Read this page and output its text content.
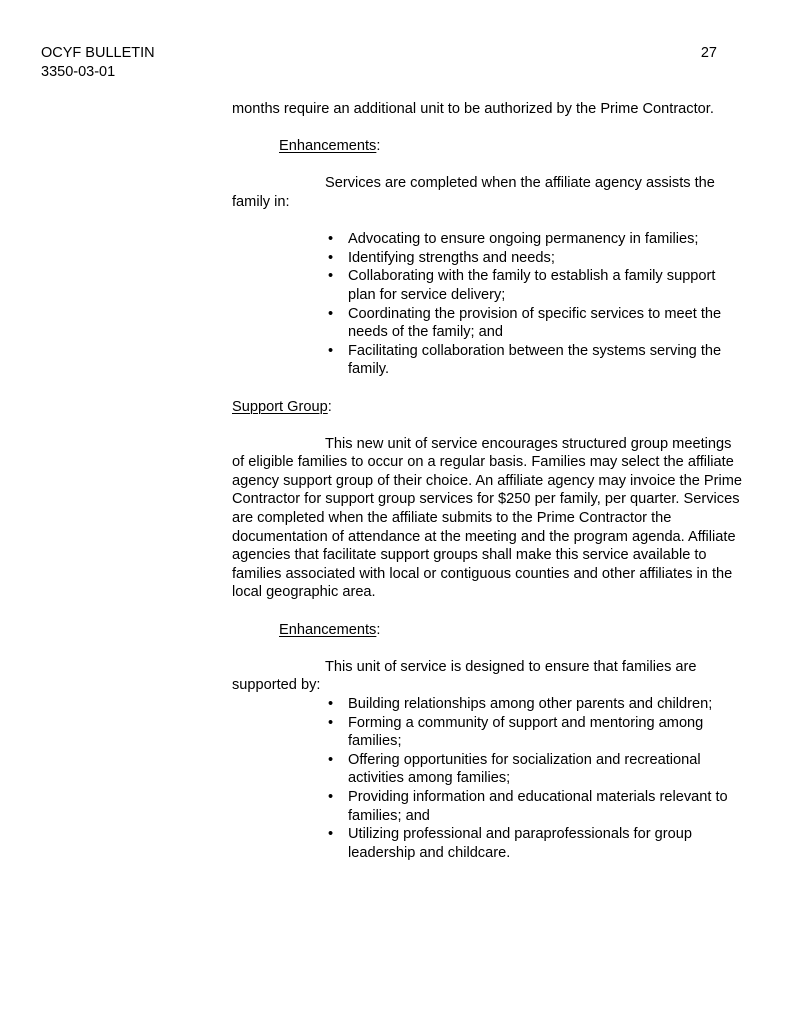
OCYF BULLETIN
3350-03-01
27

months require an additional unit to be authorized by the Prime Contractor.

Enhancements:

Services are completed when the affiliate agency assists the family in:

• Advocating to ensure ongoing permanency in families;
• Identifying strengths and needs;
• Collaborating with the family to establish a family support plan for service delivery;
• Coordinating the provision of specific services to meet the needs of the family; and
• Facilitating collaboration between the systems serving the family.

Support Group:

This new unit of service encourages structured group meetings of eligible families to occur on a regular basis. Families may select the affiliate agency support group of their choice. An affiliate agency may invoice the Prime Contractor for support group services for $250 per family, per quarter. Services are completed when the affiliate submits to the Prime Contractor the documentation of attendance at the meeting and the program agenda. Affiliate agencies that facilitate support groups shall make this service available to families associated with local or contiguous counties and other affiliates in the local geographic area.

Enhancements:

This unit of service is designed to ensure that families are supported by:

• Building relationships among other parents and children;
• Forming a community of support and mentoring among families;
• Offering opportunities for socialization and recreational activities among families;
• Providing information and educational materials relevant to families; and
• Utilizing professional and paraprofessionals for group leadership and childcare.
